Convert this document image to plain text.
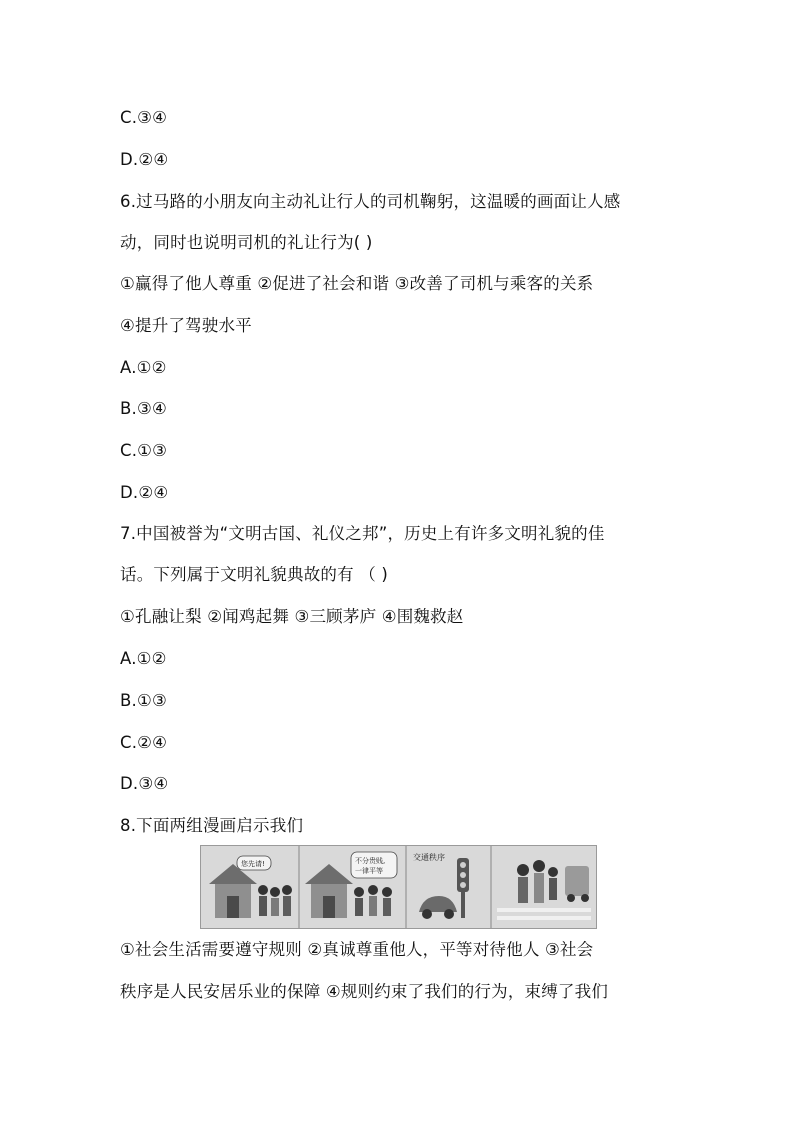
C.③④
D.②④
6.过马路的小朋友向主动礼让行人的司机鞠躬，这温暖的画面让人感
动，同时也说明司机的礼让行为( )
①赢得了他人尊重 ②促进了社会和谐 ③改善了司机与乘客的关系
④提升了驾驶水平
A.①②
B.③④
C.①③
D.②④
7.中国被誉为“文明古国、礼仪之邦”，历史上有许多文明礼貌的佳
话。下列属于文明礼貌典故的有 （ )
①孔融让梨 ②闻鸡起舞 ③三顾茅庐 ④围魏救赵
A.①②
B.①③
C.②④
D.③④
8.下面两组漫画启示我们
您先请!	不分贵贱,
一律平等
交通秩序
①社会生活需要遵守规则 ②真诚尊重他人，平等对待他人 ③社会
秩序是人民安居乐业的保障 ④规则约束了我们的行为，束缚了我们
